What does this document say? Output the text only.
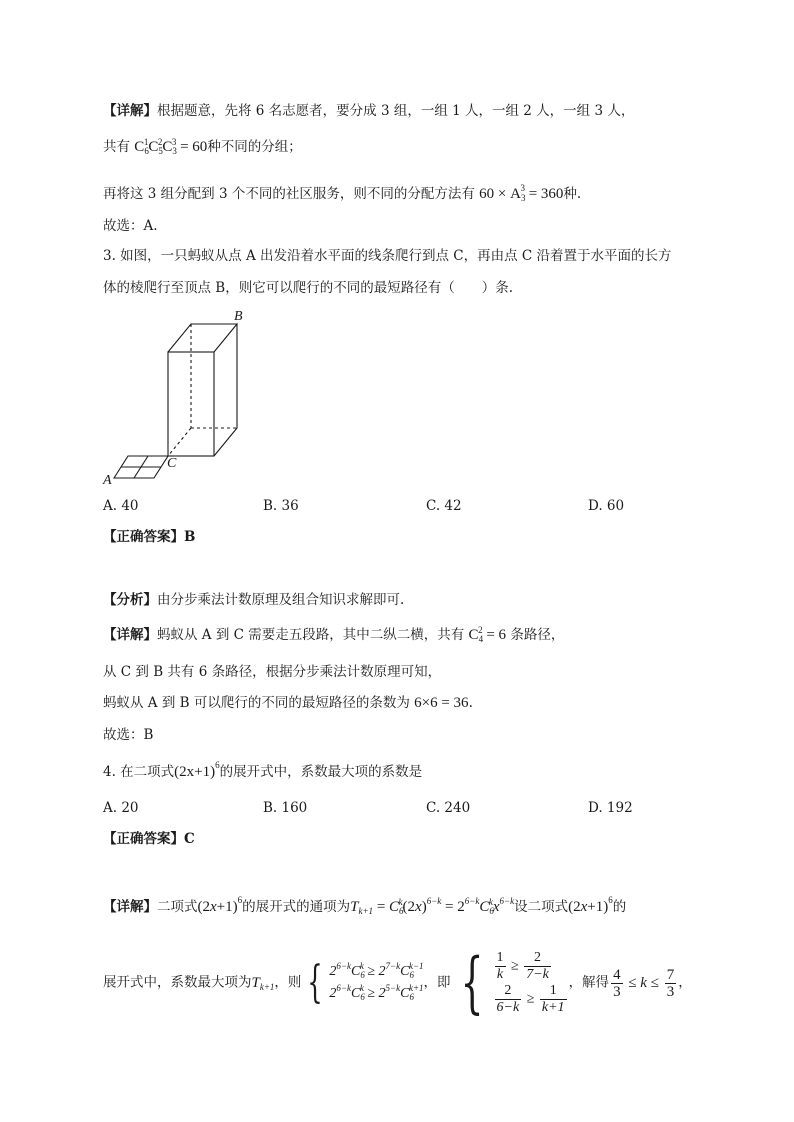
【详解】根据题意，先将 6 名志愿者，要分成 3 组，一组 1 人，一组 2 人，一组 3 人，
共有 $C_6^1C_5^2C_3^3 = 60$种不同的分组；
再将这 3 组分配到 3 个不同的社区服务，则不同的分配方法有 $60 \times A_3^3 = 360$种.
故选：A.
3. 如图，一只蚂蚁从点 A 出发沿着水平面的线条爬行到点 C，再由点 C 沿着置于水平面的长方
体的棱爬行至顶点 B，则它可以爬行的不同的最短路径有（　　）条.
B
C
A
A. 40	B. 36	C. 42	D. 60
【正确答案】B
【分析】由分步乘法计数原理及组合知识求解即可.
【详解】蚂蚁从 A 到 C 需要走五段路，其中二纵二横，共有 $C_4^2 = 6$ 条路径，
从 C 到 B 共有 6 条路径，根据分步乘法计数原理可知，
蚂蚁从 A 到 B 可以爬行的不同的最短路径的条数为 6×6 = 36.
故选：B
4. 在二项式$(2x+1)^6$的展开式中，系数最大项的系数是
A. 20	B. 160	C. 240	D. 192
【正确答案】C
【详解】二项式$(2x+1)^6$的展开式的通项为$T_{k+1} = C_6^k(2x)^{6-k} = 2^{6-k}C_6^kx^{6-k}$设二项式$(2x+1)^6$的
展开式中，系数最大项为$T_{k+1}$，则 { $2^{6-k}C_6^k \ge 2^{7-k}C_6^{k-1}$
$2^{6-k}C_6^k \ge 2^{5-k}C_6^{k+1}$ ，即 { $\frac{1}{k} \ge \frac{2}{7-k}$
$\frac{2}{6-k} \ge \frac{1}{k+1}$
，解得 $\frac{4}{3} \le k \le \frac{7}{3}$ ，
